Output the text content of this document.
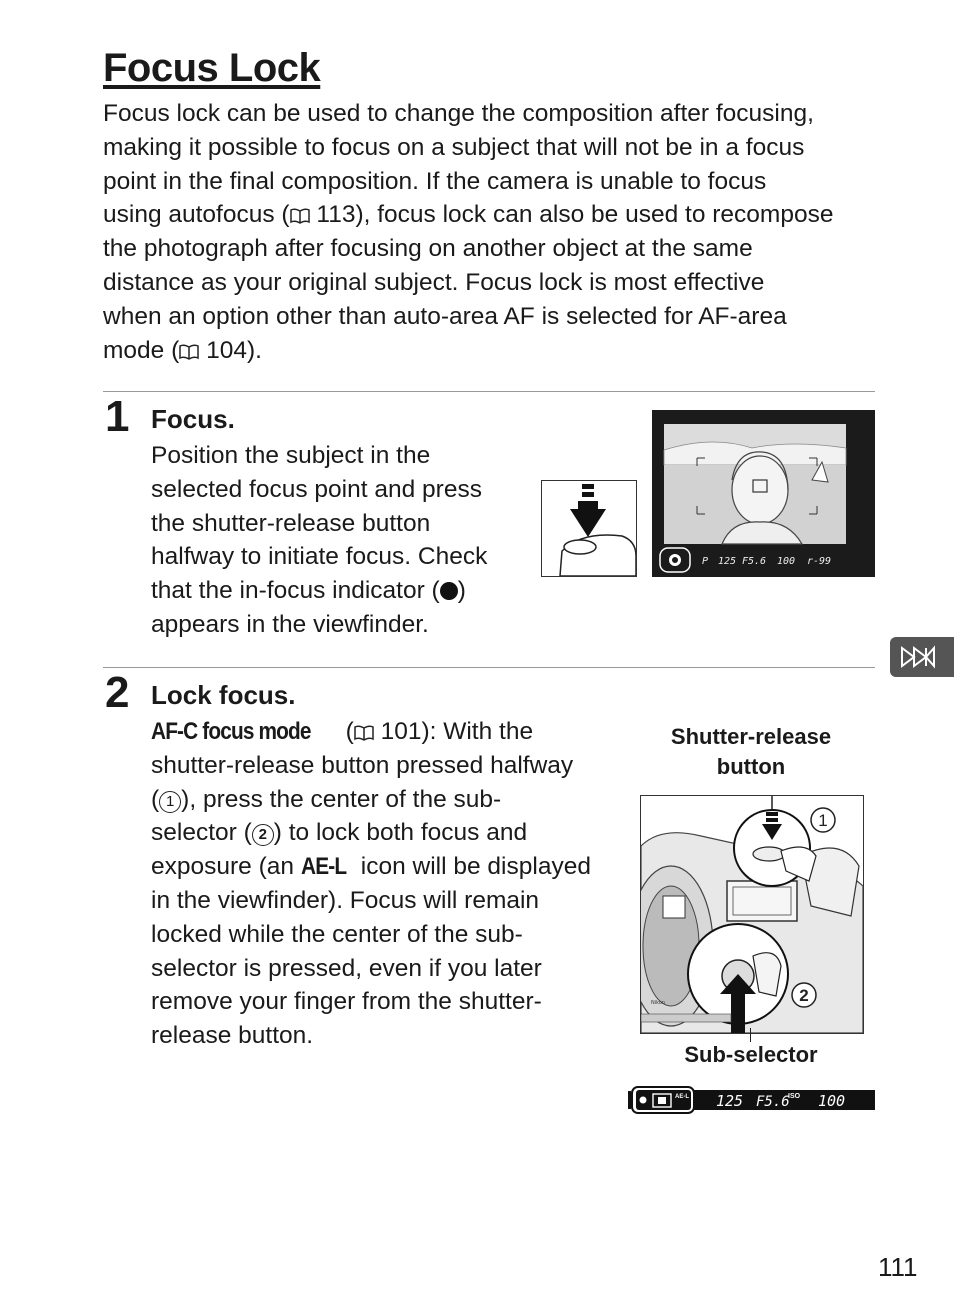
Focus Lock
Focus lock can be used to change the composition after focusing,
making it possible to focus on a subject that will not be in a focus
point in the final composition. If the camera is unable to focus
using autofocus ( 113), focus lock can also be used to recompose
the photograph after focusing on another object at the same
distance as your original subject. Focus lock is most effective
when an option other than auto-area AF is selected for AF-area
mode ( 104).
1 Focus.
Position the subject in the
selected focus point and press
the shutter-release button
halfway to initiate focus. Check
that the in-focus indicator ( )
appears in the viewfinder.
P 125 F5.6 100 r-99
2 Lock focus.
AF-C focus mode ( 101): With the
shutter-release button pressed halfway
( 1 ), press the center of the sub-
selector ( 2 ) to lock both focus and
exposure (an AE-L icon will be displayed
in the viewfinder). Focus will remain
locked while the center of the sub-
selector is pressed, even if you later
remove your finger from the shutter-
release button.
Shutter-release
button
Sub-selector
Nikon
1
2
AE-L 125 F5.6
ISO 100
111
